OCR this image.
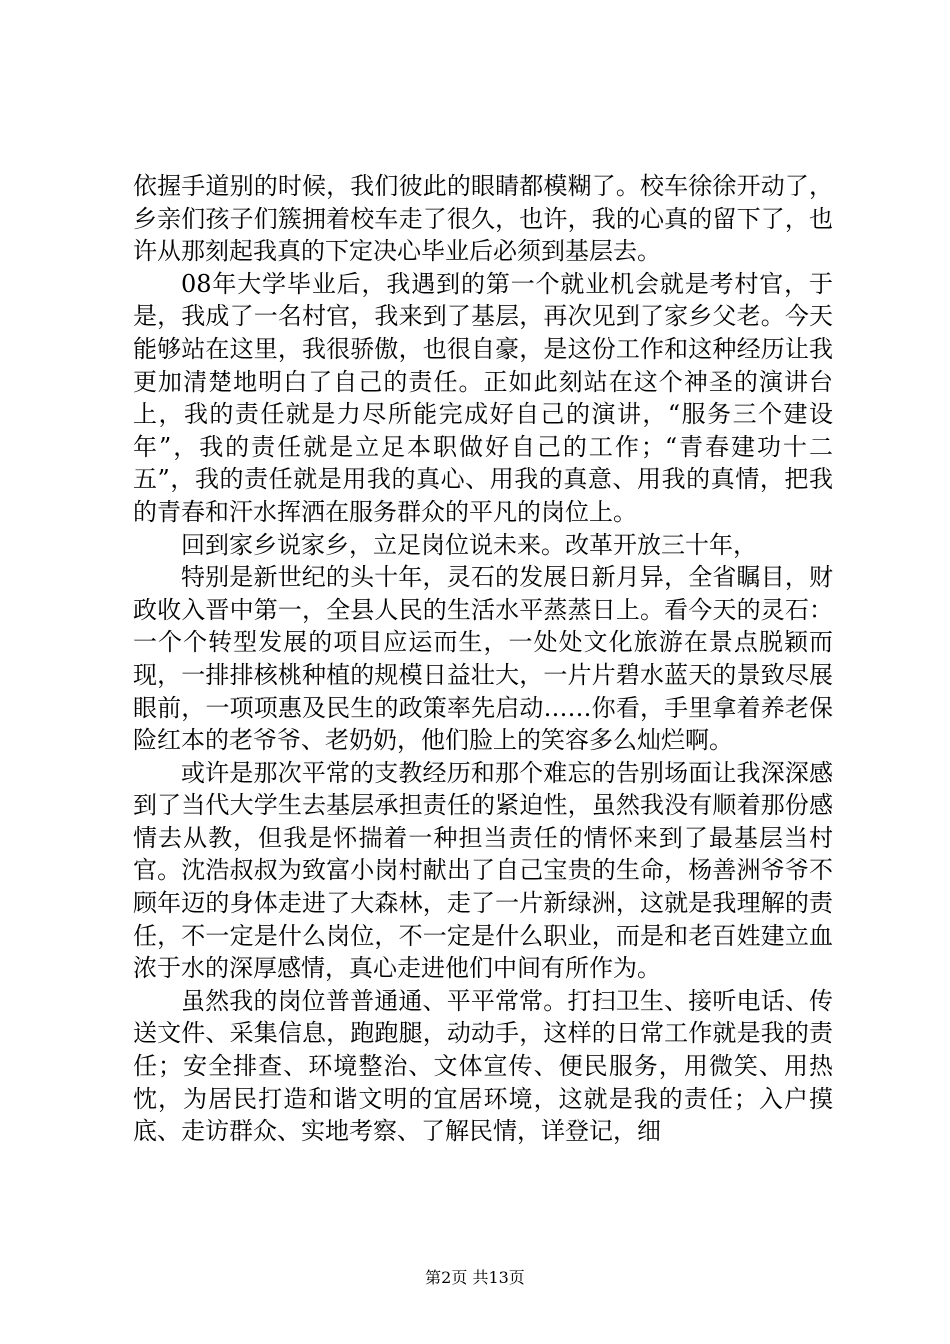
依握手道别的时候，我们彼此的眼睛都模糊了。校车徐徐开动了，乡亲们孩子们簇拥着校车走了很久，也许，我的心真的留下了，也许从那刻起我真的下定决心毕业后必须到基层去。

08年大学毕业后，我遇到的第一个就业机会就是考村官，于是，我成了一名村官，我来到了基层，再次见到了家乡父老。今天能够站在这里，我很骄傲，也很自豪，是这份工作和这种经历让我更加清楚地明白了自己的责任。正如此刻站在这个神圣的演讲台上，我的责任就是力尽所能完成好自己的演讲，“服务三个建设年”，我的责任就是立足本职做好自己的工作；“青春建功十二五”，我的责任就是用我的真心、用我的真意、用我的真情，把我的青春和汗水挥洒在服务群众的平凡的岗位上。

回到家乡说家乡，立足岗位说未来。改革开放三十年，

特别是新世纪的头十年，灵石的发展日新月异，全省瞩目，财政收入晋中第一，全县人民的生活水平蒸蒸日上。看今天的灵石：一个个转型发展的项目应运而生，一处处文化旅游在景点脱颖而现，一排排核桃种植的规模日益壮大，一片片碧水蓝天的景致尽展眼前，一项项惠及民生的政策率先启动……你看，手里拿着养老保险红本的老爷爷、老奶奶，他们脸上的笑容多么灿烂啊。

或许是那次平常的支教经历和那个难忘的告别场面让我深深感到了当代大学生去基层承担责任的紧迫性，虽然我没有顺着那份感情去从教，但我是怀揣着一种担当责任的情怀来到了最基层当村官。沈浩叔叔为致富小岗村献出了自己宝贵的生命，杨善洲爷爷不顾年迈的身体走进了大森林，走了一片新绿洲，这就是我理解的责任，不一定是什么岗位，不一定是什么职业，而是和老百姓建立血浓于水的深厚感情，真心走进他们中间有所作为。

虽然我的岗位普普通通、平平常常。打扫卫生、接听电话、传送文件、采集信息，跑跑腿，动动手，这样的日常工作就是我的责任；安全排查、环境整治、文体宣传、便民服务，用微笑、用热忱，为居民打造和谐文明的宜居环境，这就是我的责任；入户摸底、走访群众、实地考察、了解民情，详登记，细

第2页 共13页
